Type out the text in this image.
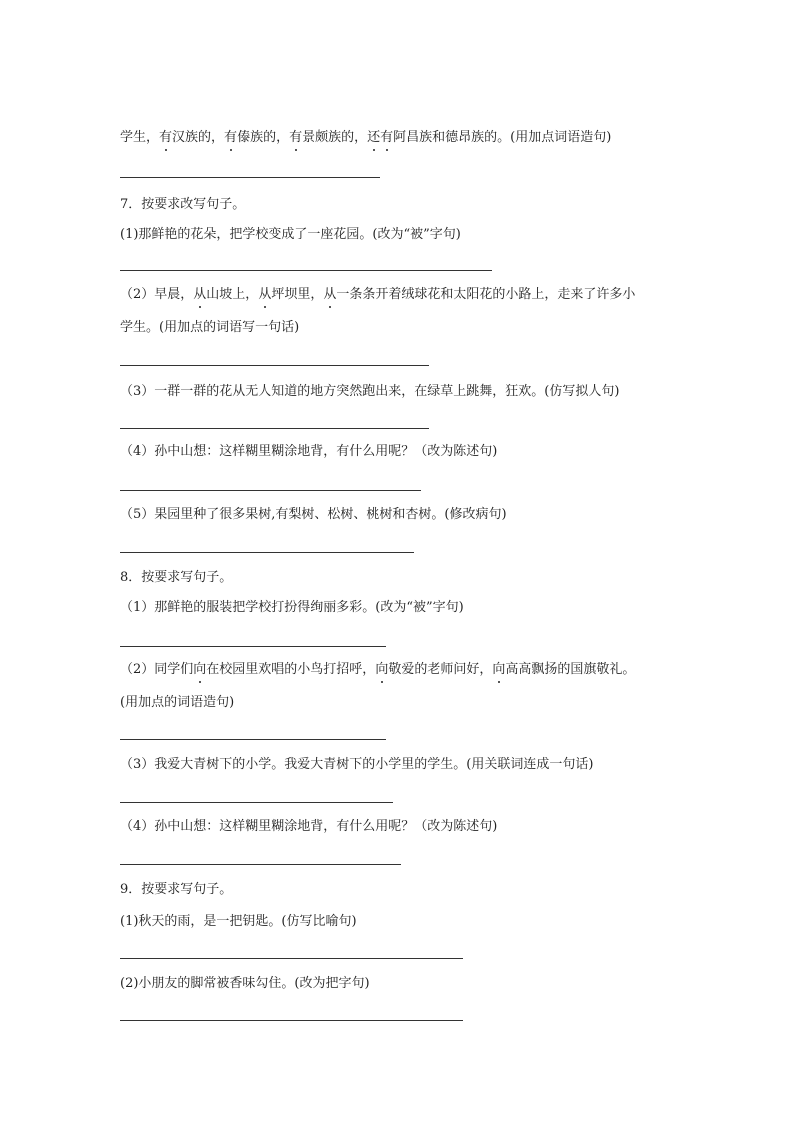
学生，有汉族的，有傣族的，有景颇族的，还有阿昌族和德昂族的。(用加点词语造句)
7．按要求改写句子。
(1)那鲜艳的花朵，把学校变成了一座花园。(改为“被”字句)
（2）早晨，从山坡上，从坪坝里，从一条条开着绒球花和太阳花的小路上，走来了许多小
学生。(用加点的词语写一句话)
（3）一群一群的花从无人知道的地方突然跑出来，在绿草上跳舞，狂欢。(仿写拟人句)
（4）孙中山想：这样糊里糊涂地背，有什么用呢？（改为陈述句)
（5）果园里种了很多果树,有梨树、松树、桃树和杏树。(修改病句)
8．按要求写句子。
（1）那鲜艳的服装把学校打扮得绚丽多彩。(改为“被”字句)
（2）同学们向在校园里欢唱的小鸟打招呼，向敬爱的老师问好，向高高飘扬的国旗敬礼。
(用加点的词语造句)
（3）我爱大青树下的小学。我爱大青树下的小学里的学生。(用关联词连成一句话)
（4）孙中山想：这样糊里糊涂地背，有什么用呢？（改为陈述句)
9．按要求写句子。
(1)秋天的雨，是一把钥匙。(仿写比喻句)
(2)小朋友的脚常被香味勾住。(改为把字句)
